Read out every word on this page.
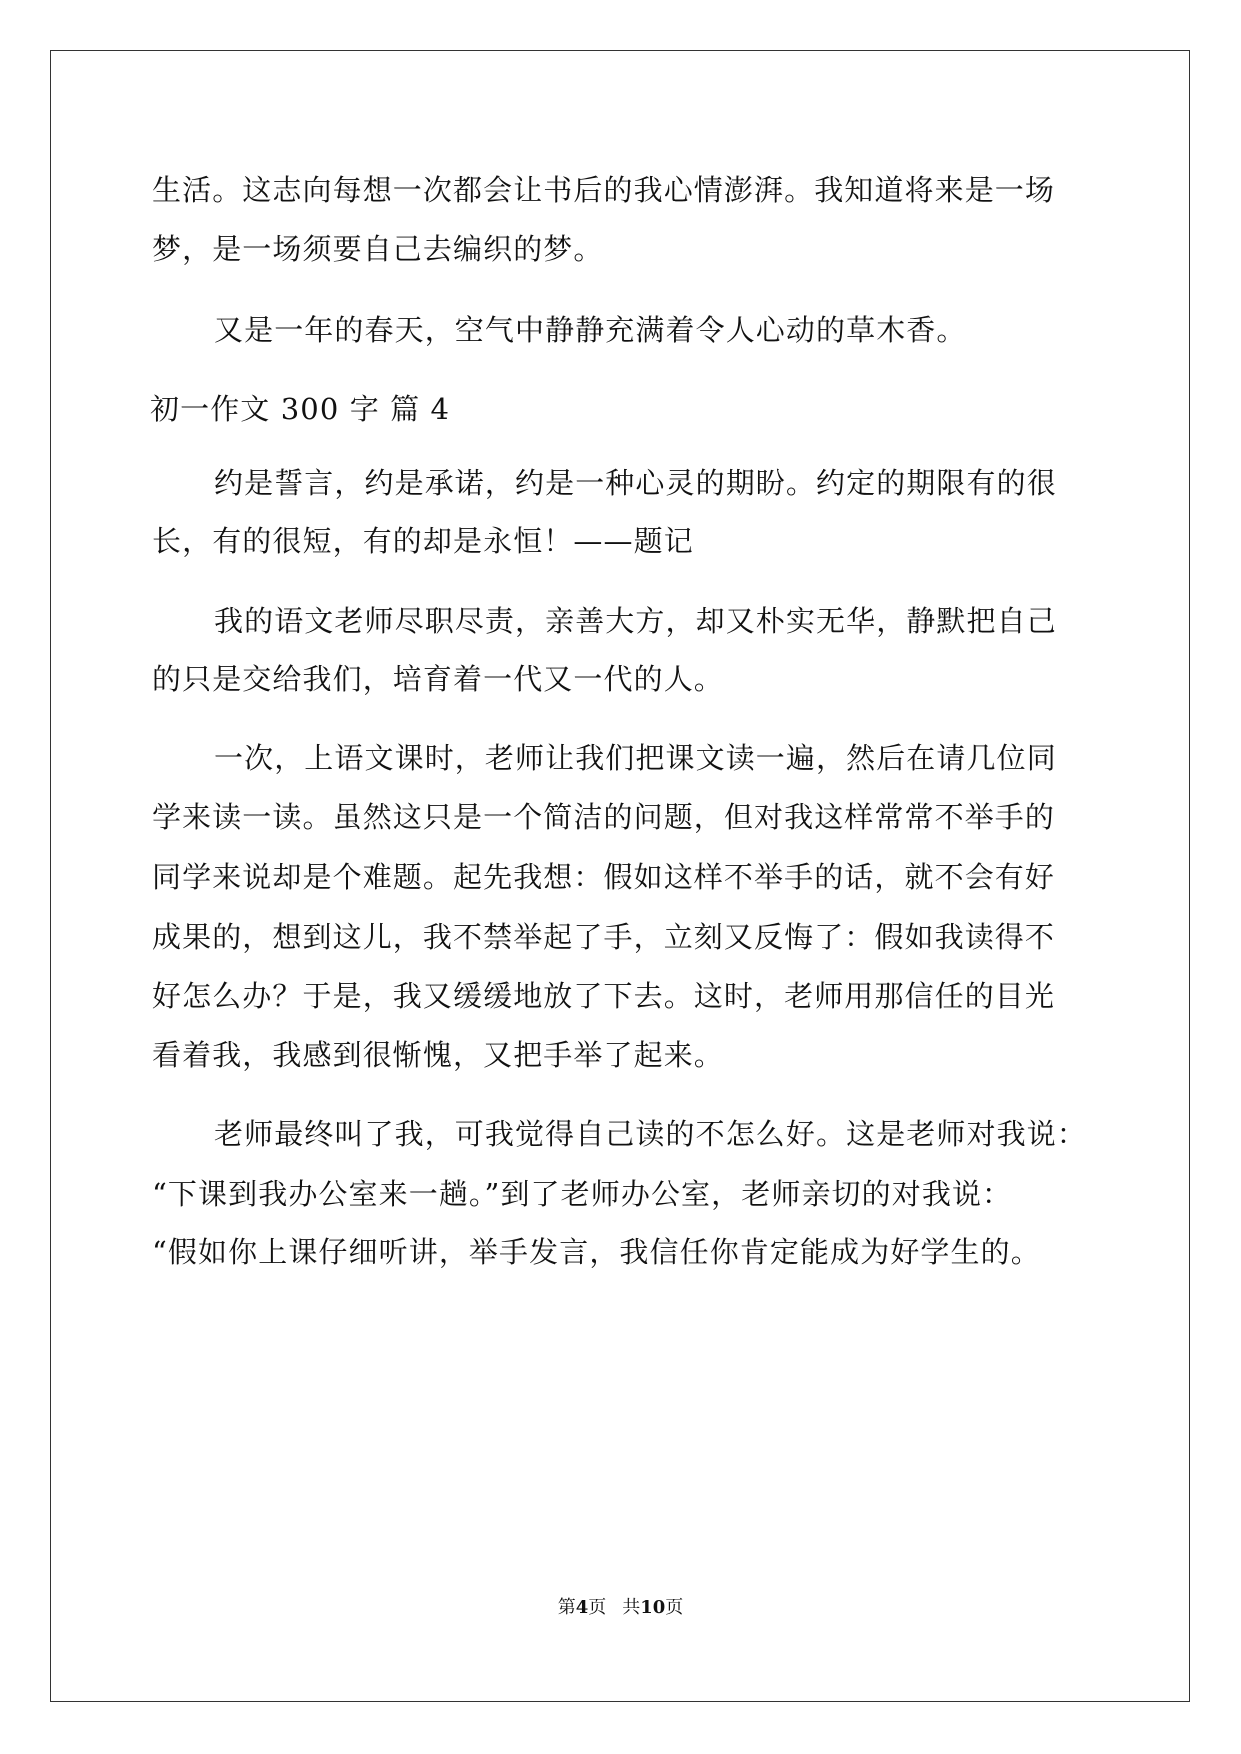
生活。这志向每想一次都会让书后的我心情澎湃。我知道将来是一场
梦，是一场须要自己去编织的梦。
又是一年的春天，空气中静静充满着令人心动的草木香。
初一作文 300 字 篇 4
约是誓言，约是承诺，约是一种心灵的期盼。约定的期限有的很
长，有的很短，有的却是永恒！——题记
我的语文老师尽职尽责，亲善大方，却又朴实无华，静默把自己
的只是交给我们，培育着一代又一代的人。
一次，上语文课时，老师让我们把课文读一遍，然后在请几位同
学来读一读。虽然这只是一个简洁的问题，但对我这样常常不举手的
同学来说却是个难题。起先我想：假如这样不举手的话，就不会有好
成果的，想到这儿，我不禁举起了手，立刻又反悔了：假如我读得不
好怎么办？于是，我又缓缓地放了下去。这时，老师用那信任的目光
看着我，我感到很惭愧，又把手举了起来。
老师最终叫了我，可我觉得自己读的不怎么好。这是老师对我说：
“下课到我办公室来一趟。”到了老师办公室，老师亲切的对我说：
“假如你上课仔细听讲，举手发言，我信任你肯定能成为好学生的。
第4页 共10页
